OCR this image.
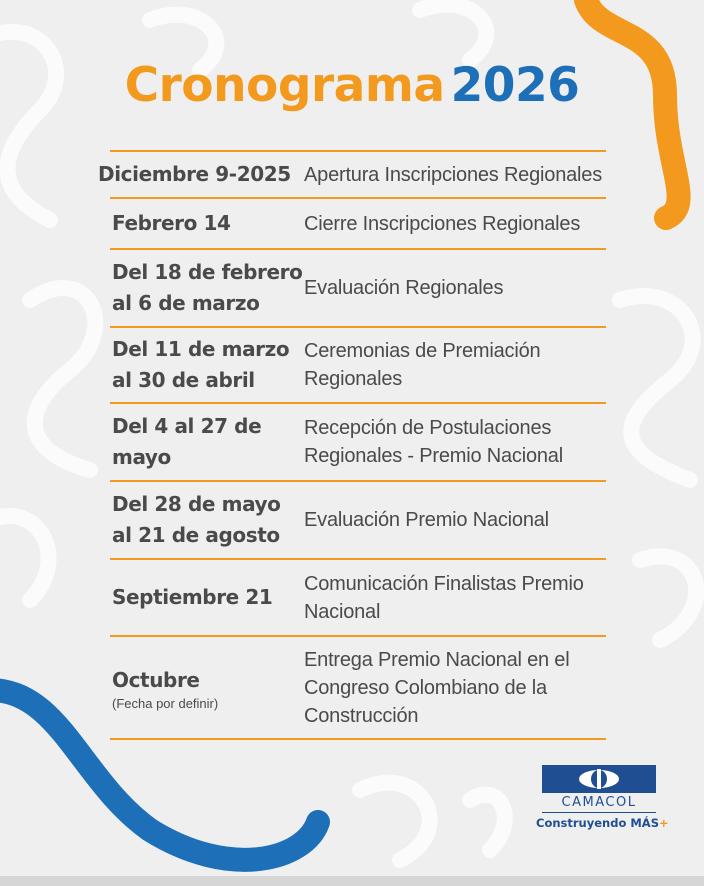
Cronograma 2026
Diciembre 9-2025 Apertura Inscripciones Regionales
Febrero 14	Cierre Inscripciones Regionales
Del 18 de febrero al 6 de marzo
Evaluación Regionales
Del 11 de marzo al 30 de abril
Ceremonias de Premiación Regionales
Del 4 al 27 de mayo
Recepción de Postulaciones Regionales - Premio Nacional
Del 28 de mayo al 21 de agosto
Evaluación Premio Nacional
Septiembre 21
Comunicación Finalistas Premio Nacional
Octubre
(Fecha por definir)
Entrega Premio Nacional en el Congreso Colombiano de la Construcción
CAMACOL
Construyendo MÁS+
